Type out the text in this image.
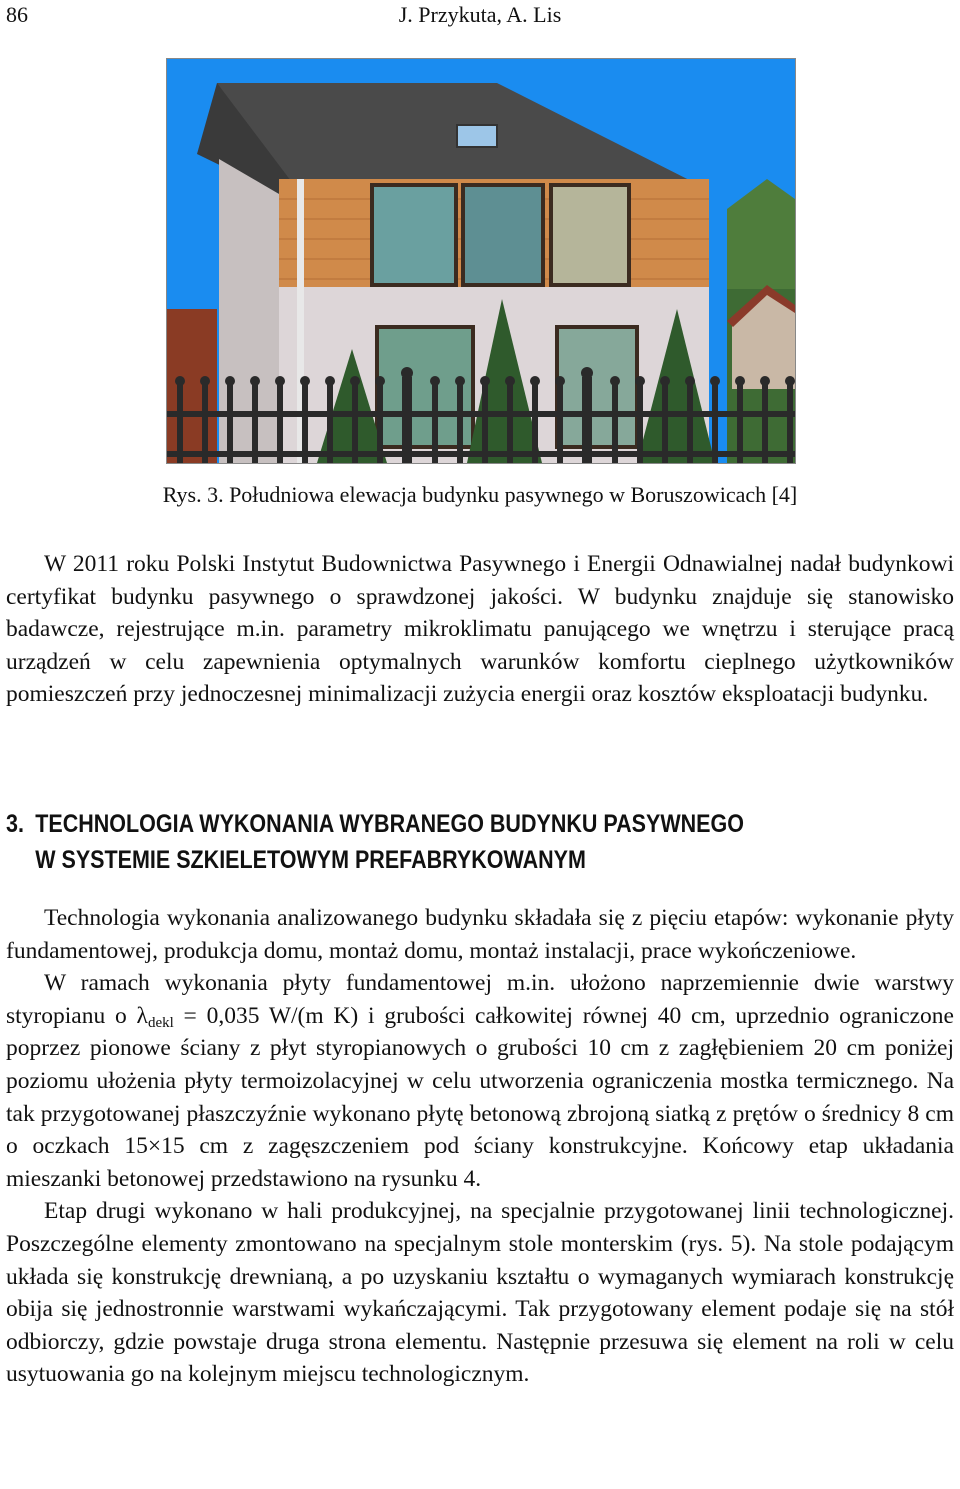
86	J. Przykuta, A. Lis
Rys. 3. Południowa elewacja budynku pasywnego w Boruszowicach [4]

W 2011 roku Polski Instytut Budownictwa Pasywnego i Energii Odnawialnej nadał budynkowi certyfikat budynku pasywnego o sprawdzonej jakości. W budynku znajduje się stanowisko badawcze, rejestrujące m.in. parametry mikroklimatu panującego we wnętrzu i sterujące pracą urządzeń w celu zapewnienia optymalnych warunków komfortu cieplnego użytkowników pomieszczeń przy jednoczesnej minimalizacji zużycia energii oraz kosztów eksploatacji budynku.

3. TECHNOLOGIA WYKONANIA WYBRANEGO BUDYNKU PASYWNEGO
W SYSTEMIE SZKIELETOWYM PREFABRYKOWANYM

Technologia wykonania analizowanego budynku składała się z pięciu etapów: wykonanie płyty fundamentowej, produkcja domu, montaż domu, montaż instalacji, prace wykończeniowe.

W ramach wykonania płyty fundamentowej m.in. ułożono naprzemiennie dwie warstwy styropianu o $\lambda_{dekl} = 0,035$ W/(m K) i grubości całkowitej równej 40 cm, uprzednio ograniczone poprzez pionowe ściany z płyt styropianowych o grubości 10 cm z zagłębieniem 20 cm poniżej poziomu ułożenia płyty termoizolacyjnej w celu utworzenia ograniczenia mostka termicznego. Na tak przygotowanej płaszczyźnie wykonano płytę betonową zbrojoną siatką z prętów o średnicy 8 cm o oczkach 15×15 cm z zagęszczeniem pod ściany konstrukcyjne. Końcowy etap układania mieszanki betonowej przedstawiono na rysunku 4.

Etap drugi wykonano w hali produkcyjnej, na specjalnie przygotowanej linii technologicznej. Poszczególne elementy zmontowano na specjalnym stole monterskim (rys. 5). Na stole podającym układa się konstrukcję drewnianą, a po uzyskaniu kształtu o wymaganych wymiarach konstrukcję obija się jednostronnie warstwami wykańczającymi. Tak przygotowany element podaje się na stół odbiorczy, gdzie powstaje druga strona elementu. Następnie przesuwa się element na roli w celu usytuowania go na kolejnym miejscu technologicznym.
